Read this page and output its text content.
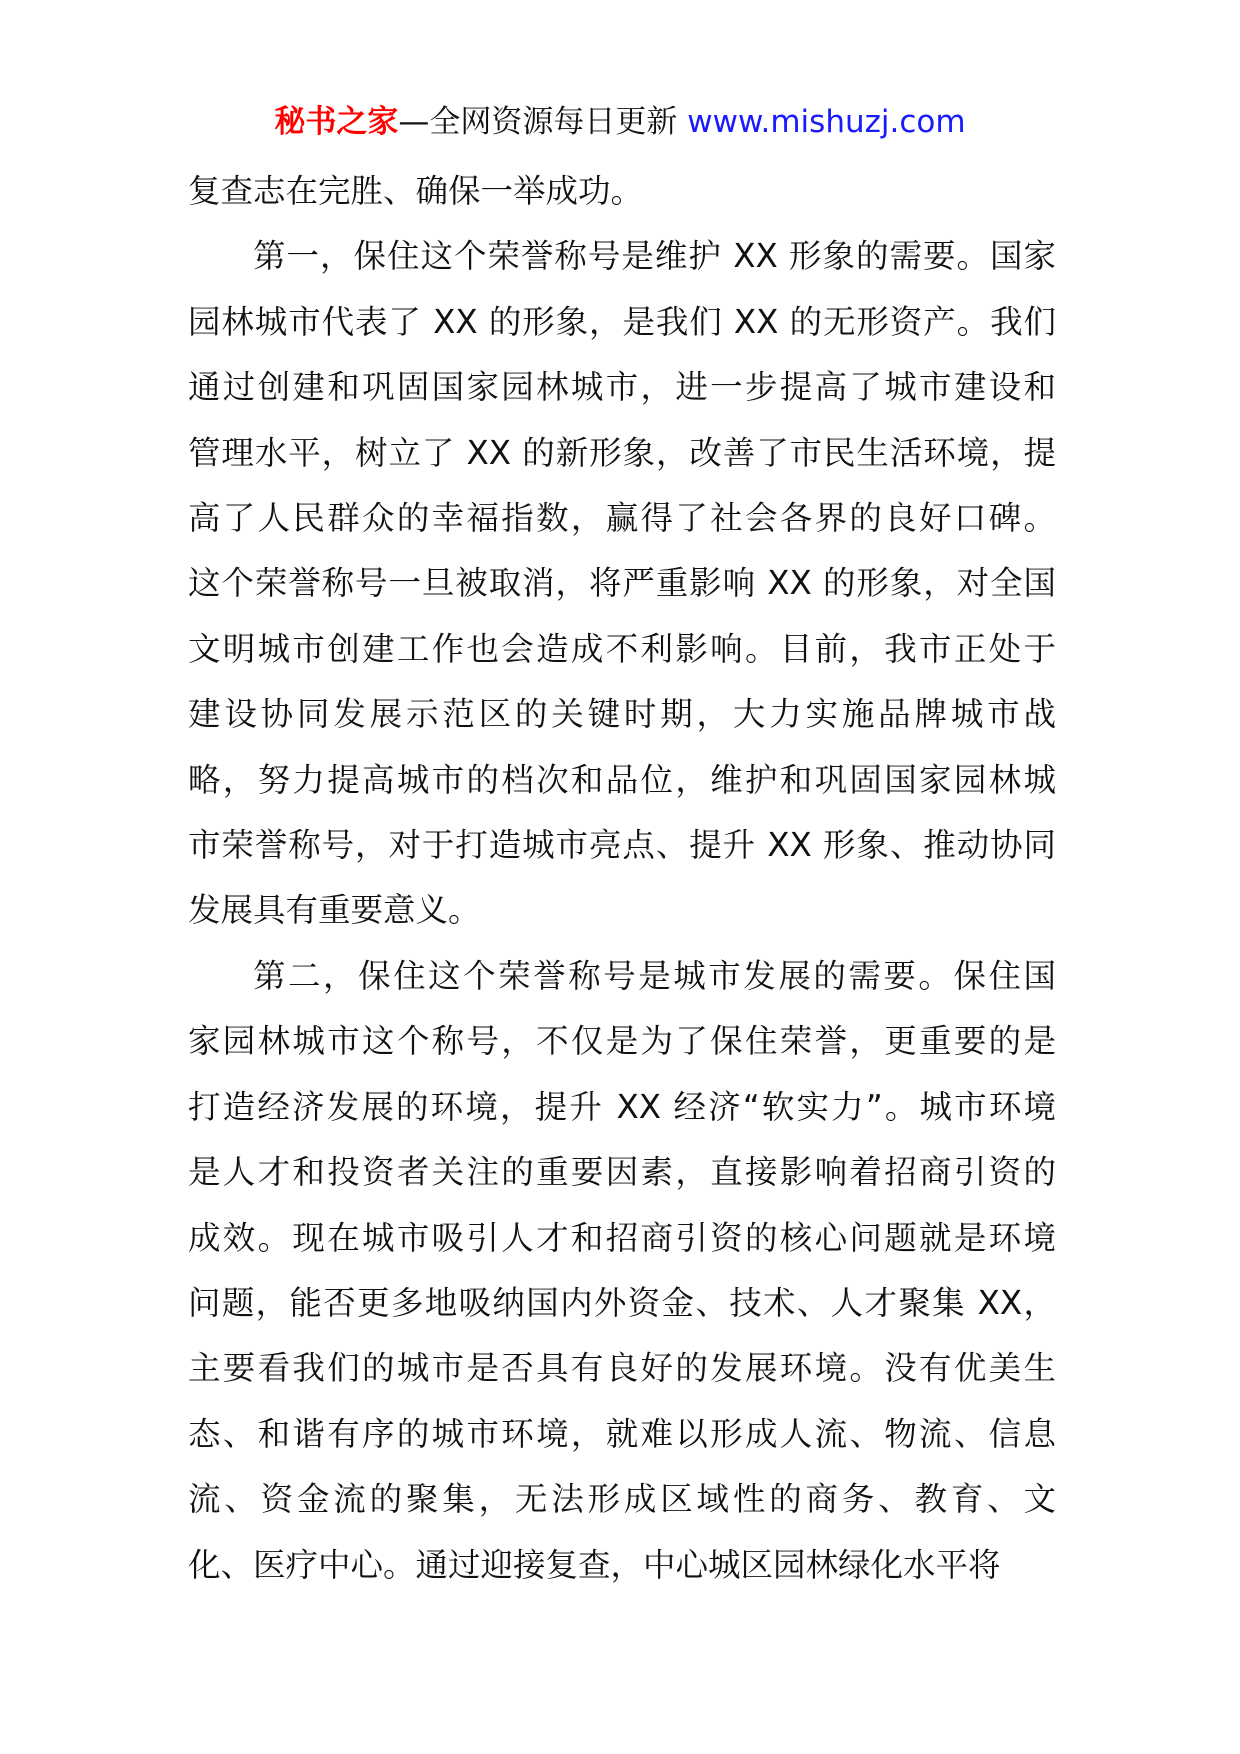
秘书之家—全网资源每日更新 www.mishuzj.com

复查志在完胜、确保一举成功。

第一，保住这个荣誉称号是维护 XX 形象的需要。国家
园林城市代表了 XX 的形象，是我们 XX 的无形资产。我们
通过创建和巩固国家园林城市，进一步提高了城市建设和
管理水平，树立了 XX 的新形象，改善了市民生活环境，提
高了人民群众的幸福指数，赢得了社会各界的良好口碑。
这个荣誉称号一旦被取消，将严重影响 XX 的形象，对全国
文明城市创建工作也会造成不利影响。目前，我市正处于
建设协同发展示范区的关键时期，大力实施品牌城市战
略，努力提高城市的档次和品位，维护和巩固国家园林城
市荣誉称号，对于打造城市亮点、提升 XX 形象、推动协同
发展具有重要意义。

第二，保住这个荣誉称号是城市发展的需要。保住国
家园林城市这个称号，不仅是为了保住荣誉，更重要的是
打造经济发展的环境，提升 XX 经济“软实力”。城市环境
是人才和投资者关注的重要因素，直接影响着招商引资的
成效。现在城市吸引人才和招商引资的核心问题就是环境
问题，能否更多地吸纳国内外资金、技术、人才聚集 XX，
主要看我们的城市是否具有良好的发展环境。没有优美生
态、和谐有序的城市环境，就难以形成人流、物流、信息
流、资金流的聚集，无法形成区域性的商务、教育、文
化、医疗中心。通过迎接复查，中心城区园林绿化水平将
